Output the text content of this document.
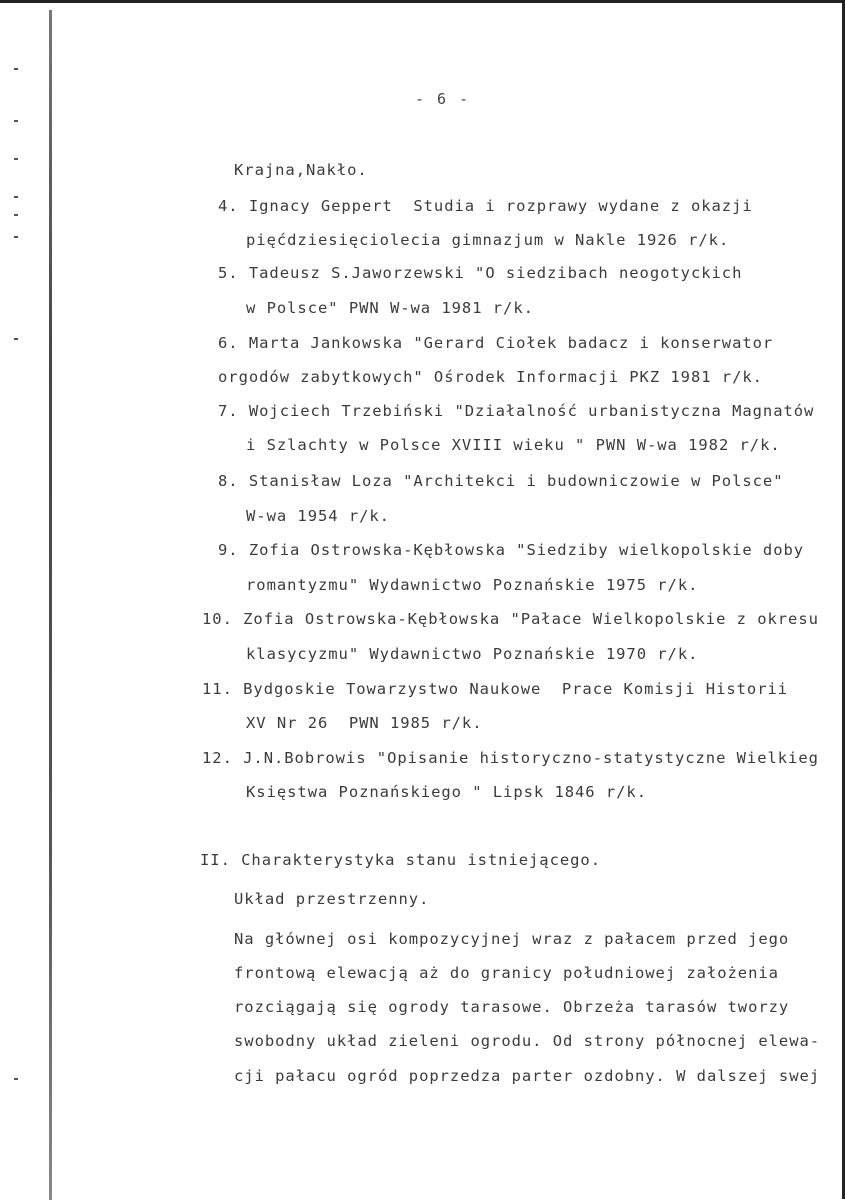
- 6 -
Krajna,Nakło.
4. Ignacy Geppert  Studia i rozprawy wydane z okazji
pięćdziesięciolecia gimnazjum w Nakle 1926 r/k.
5. Tadeusz S.Jaworzewski "O siedzibach neogotyckich
w Polsce" PWN W-wa 1981 r/k.
6. Marta Jankowska "Gerard Ciołek badacz i konserwator
orgodów zabytkowych" Ośrodek Informacji PKZ 1981 r/k.
7. Wojciech Trzebiński "Działalność urbanistyczna Magnatów
i Szlachty w Polsce XVIII wieku " PWN W-wa 1982 r/k.
8. Stanisław Loza "Architekci i budowniczowie w Polsce"
W-wa 1954 r/k.
9. Zofia Ostrowska-Kębłowska "Siedziby wielkopolskie doby
romantyzmu" Wydawnictwo Poznańskie 1975 r/k.
10. Zofia Ostrowska-Kębłowska "Pałace Wielkopolskie z okresu
klasycyzmu" Wydawnictwo Poznańskie 1970 r/k.
11. Bydgoskie Towarzystwo Naukowe  Prace Komisji Historii
XV Nr 26  PWN 1985 r/k.
12. J.N.Bobrowis "Opisanie historyczno-statystyczne Wielkieg
Księstwa Poznańskiego " Lipsk 1846 r/k.
II. Charakterystyka stanu istniejącego.
Układ przestrzenny.
Na głównej osi kompozycyjnej wraz z pałacem przed jego
frontową elewacją aż do granicy południowej założenia
rozciągają się ogrody tarasowe. Obrzeża tarasów tworzy
swobodny układ zieleni ogrodu. Od strony północnej elewa-
cji pałacu ogród poprzedza parter ozdobny. W dalszej swej
